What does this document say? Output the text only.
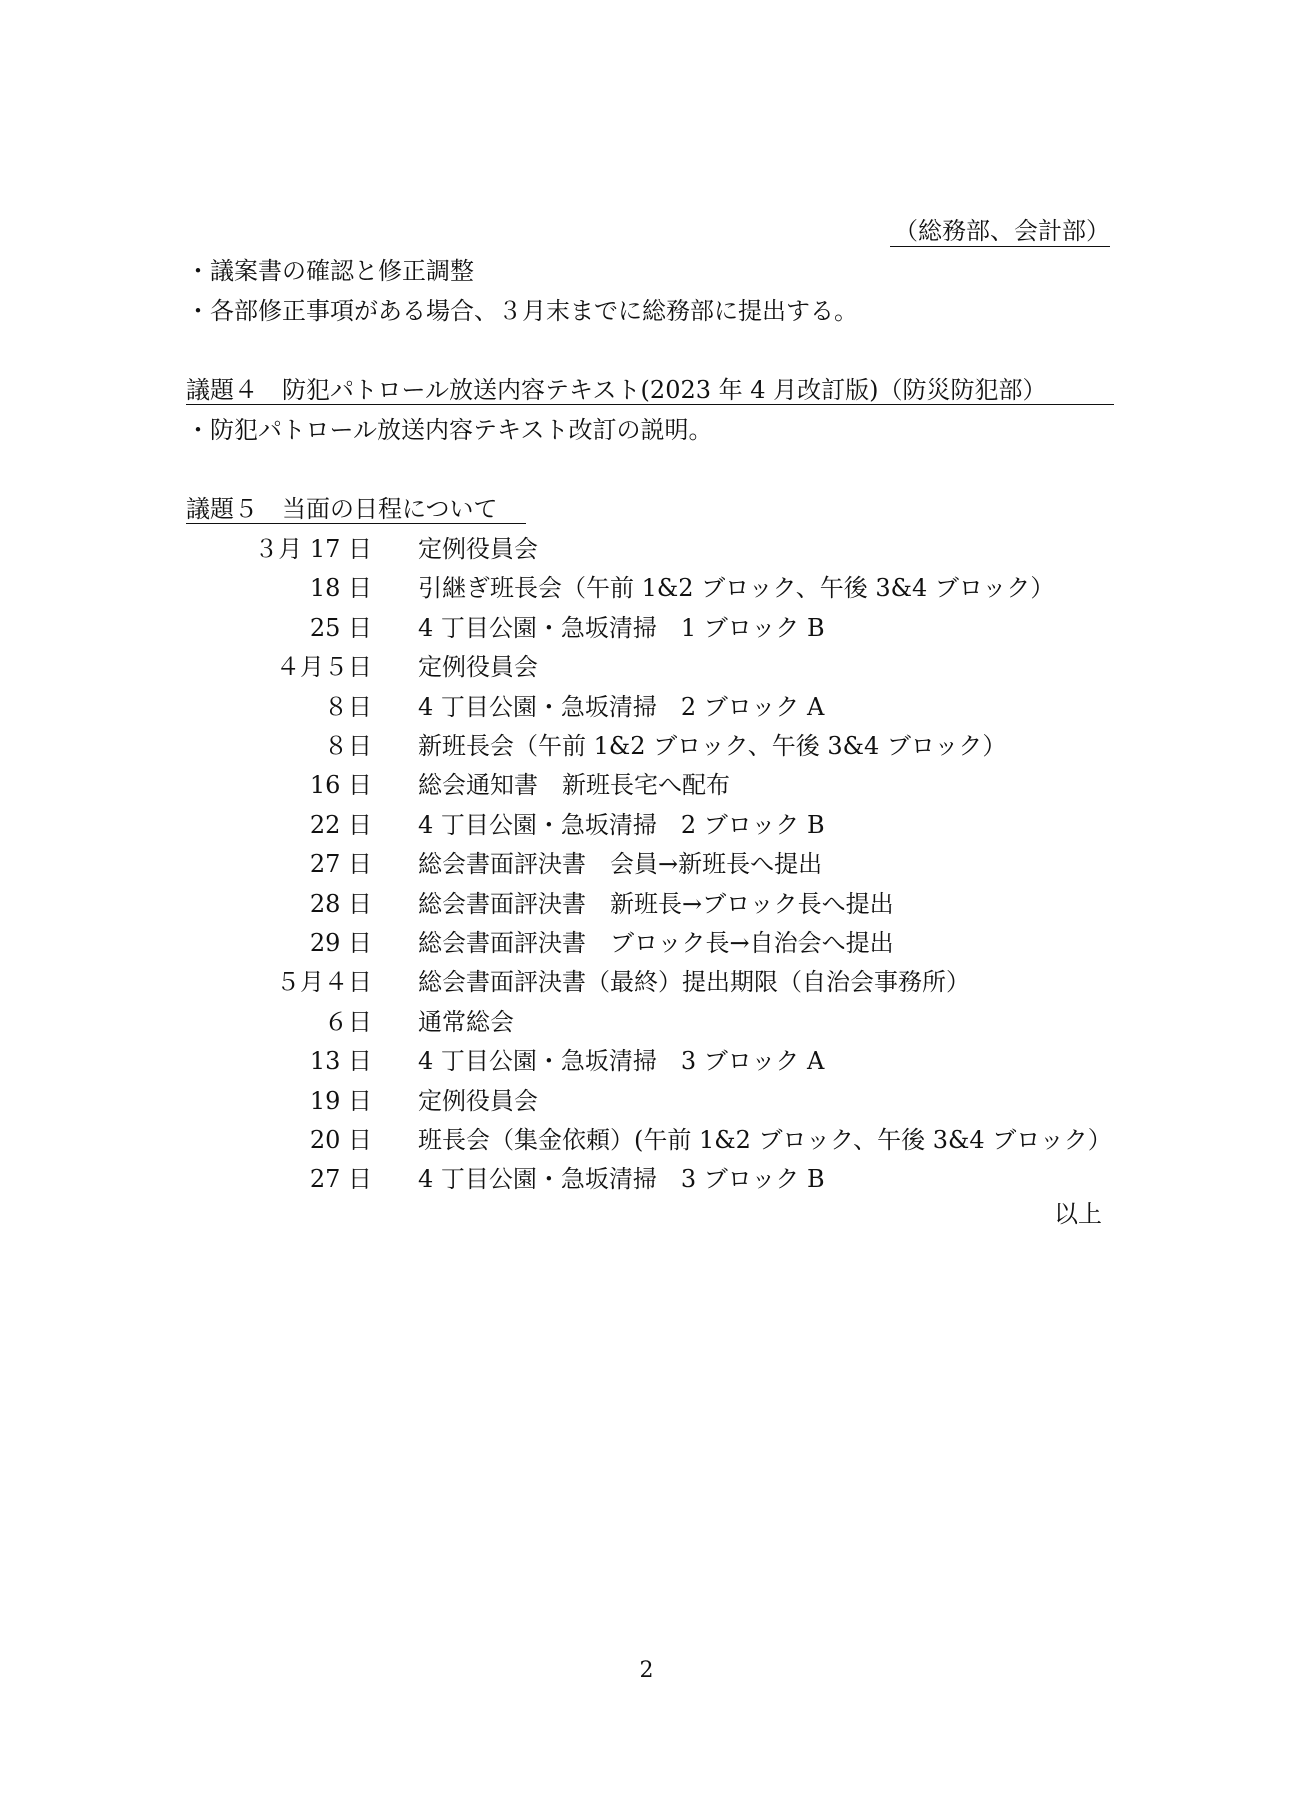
（総務部、会計部）
・議案書の確認と修正調整
・各部修正事項がある場合、３月末までに総務部に提出する。
議題４　防犯パトロール放送内容テキスト(2023 年 4 月改訂版)（防災防犯部）
・防犯パトロール放送内容テキスト改訂の説明。
議題５　当面の日程について
３月 17 日 定例役員会
18 日 引継ぎ班長会（午前 1&2 ブロック、午後 3&4 ブロック）
25 日 4 丁目公園・急坂清掃　1 ブロック B
４月５日 定例役員会
８日 4 丁目公園・急坂清掃　2 ブロック A
８日 新班長会（午前 1&2 ブロック、午後 3&4 ブロック）
16 日 総会通知書　新班長宅へ配布
22 日 4 丁目公園・急坂清掃　2 ブロック B
27 日 総会書面評決書　会員→新班長へ提出
28 日 総会書面評決書　新班長→ブロック長へ提出
29 日 総会書面評決書　ブロック長→自治会へ提出
５月４日 総会書面評決書（最終）提出期限（自治会事務所）
６日 通常総会
13 日 4 丁目公園・急坂清掃　3 ブロック A
19 日 定例役員会
20 日 班長会（集金依頼）(午前 1&2 ブロック、午後 3&4 ブロック）
27 日 4 丁目公園・急坂清掃　3 ブロック B
以上
2
